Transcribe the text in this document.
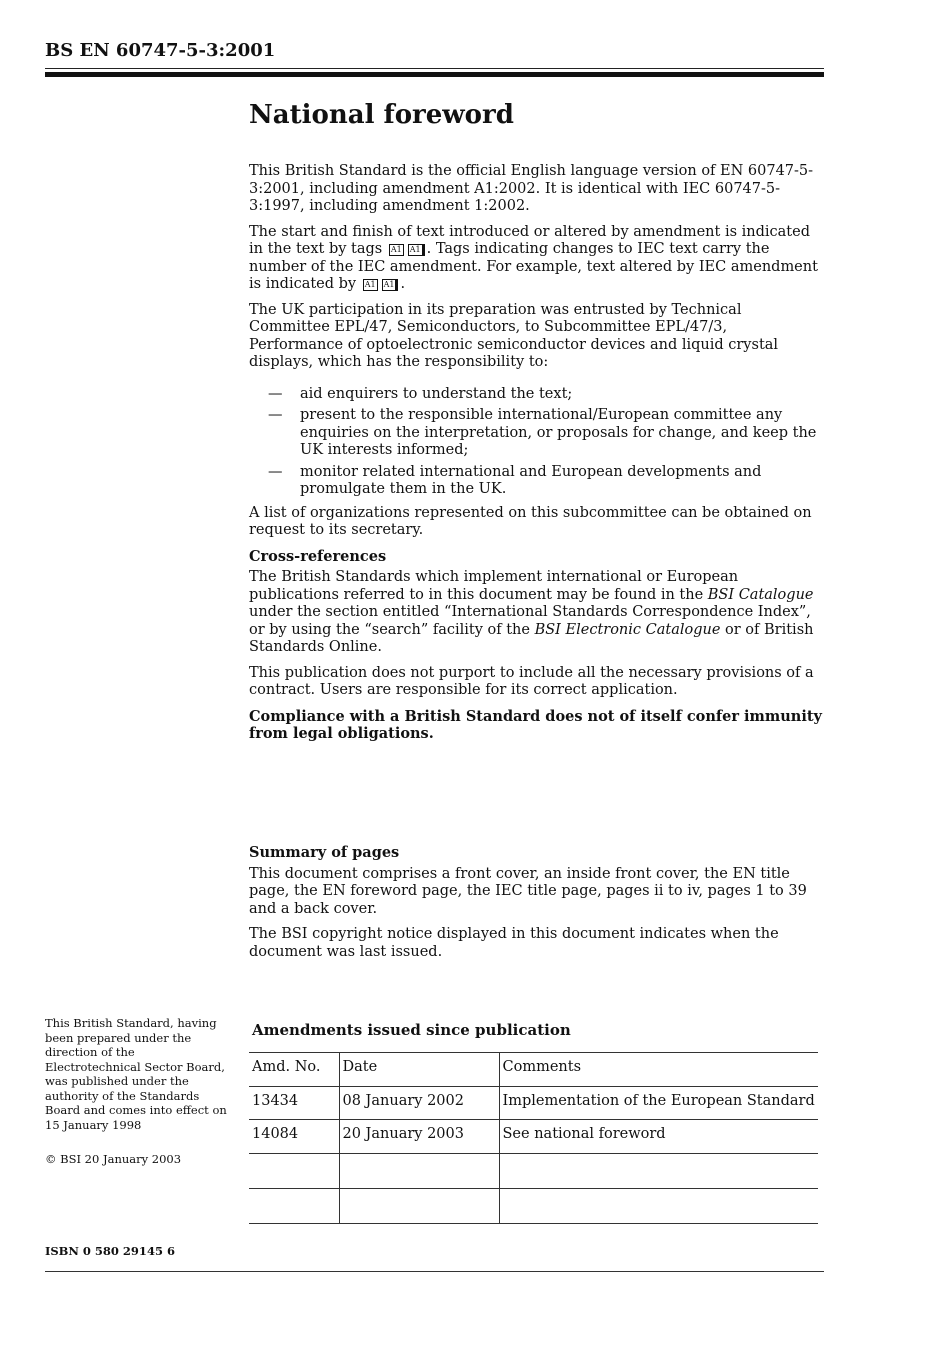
BS EN 60747-5-3:2001
National foreword

This British Standard is the official English language version of EN 60747-5-3:2001, including amendment A1:2002. It is identical with IEC 60747-5-3:1997, including amendment 1:2002.

The start and finish of text introduced or altered by amendment is indicated in the text by tags A1 A1 . Tags indicating changes to IEC text carry the number of the IEC amendment. For example, text altered by IEC amendment is indicated by A1 A1 .

The UK participation in its preparation was entrusted by Technical Committee EPL/47, Semiconductors, to Subcommittee EPL/47/3, Performance of optoelectronic semiconductor devices and liquid crystal displays, which has the responsibility to:

— aid enquirers to understand the text;
— present to the responsible international/European committee any enquiries on the interpretation, or proposals for change, and keep the UK interests informed;
— monitor related international and European developments and promulgate them in the UK.

A list of organizations represented on this subcommittee can be obtained on request to its secretary.

Cross-references

The British Standards which implement international or European publications referred to in this document may be found in the BSI Catalogue under the section entitled “International Standards Correspondence Index”, or by using the “search” facility of the BSI Electronic Catalogue or of British Standards Online.

This publication does not purport to include all the necessary provisions of a contract. Users are responsible for its correct application.

Compliance with a British Standard does not of itself confer immunity from legal obligations.

Summary of pages

This document comprises a front cover, an inside front cover, the EN title page, the EN foreword page, the IEC title page, pages ii to iv, pages 1 to 39 and a back cover.

The BSI copyright notice displayed in this document indicates when the document was last issued.

This British Standard, having been prepared under the direction of the Electrotechnical Sector Board, was published under the authority of the Standards Board and comes into effect on 15 January 1998

© BSI 20 January 2003

ISBN 0 580 29145 6

Amendments issued since publication

Amd. No.	Date	Comments
13434	08 January 2002	Implementation of the European Standard
14084	20 January 2003	See national foreword
